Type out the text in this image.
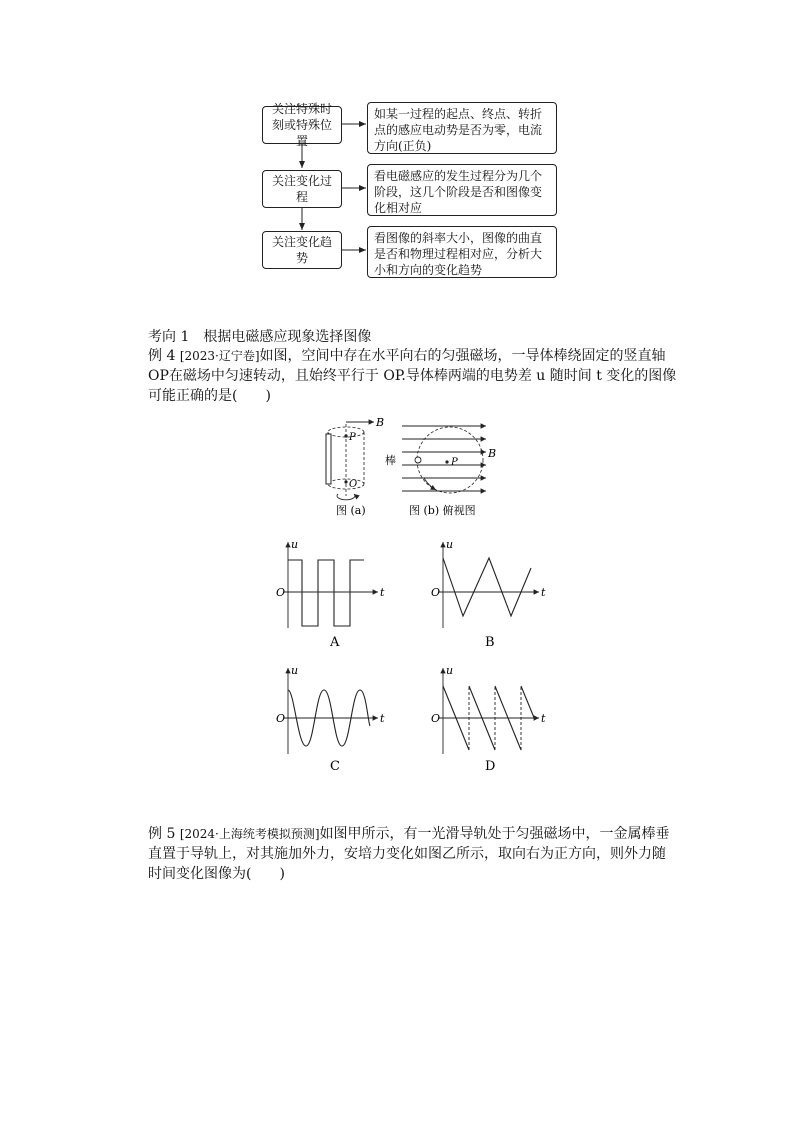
关注特殊时刻或特殊位置
如某一过程的起点、终点、转折点的感应电动势是否为零，电流方向(正负)
关注变化过程
看电磁感应的发生过程分为几个阶段，这几个阶段是否和图像变化相对应
关注变化趋势
看图像的斜率大小，图像的曲直是否和物理过程相对应，分析大小和方向的变化趋势
考向 1　根据电磁感应现象选择图像
例 4 [2023·辽宁卷]如图，空间中存在水平向右的匀强磁场，一导体棒绕固定的竖直轴OP在磁场中匀速转动，且始终平行于 OP.导体棒两端的电势差 u 随时间 t 变化的图像可能正确的是(　　)
B
P
O
棒	P
B
图 (a)	图 (b) 俯视图
u
t
O
A
u
t
O
B
u
t
O
C
u
t
O
D
例 5 [2024·上海统考模拟预测]如图甲所示，有一光滑导轨处于匀强磁场中，一金属棒垂直置于导轨上，对其施加外力，安培力变化如图乙所示，取向右为正方向，则外力随时间变化图像为(　　)
